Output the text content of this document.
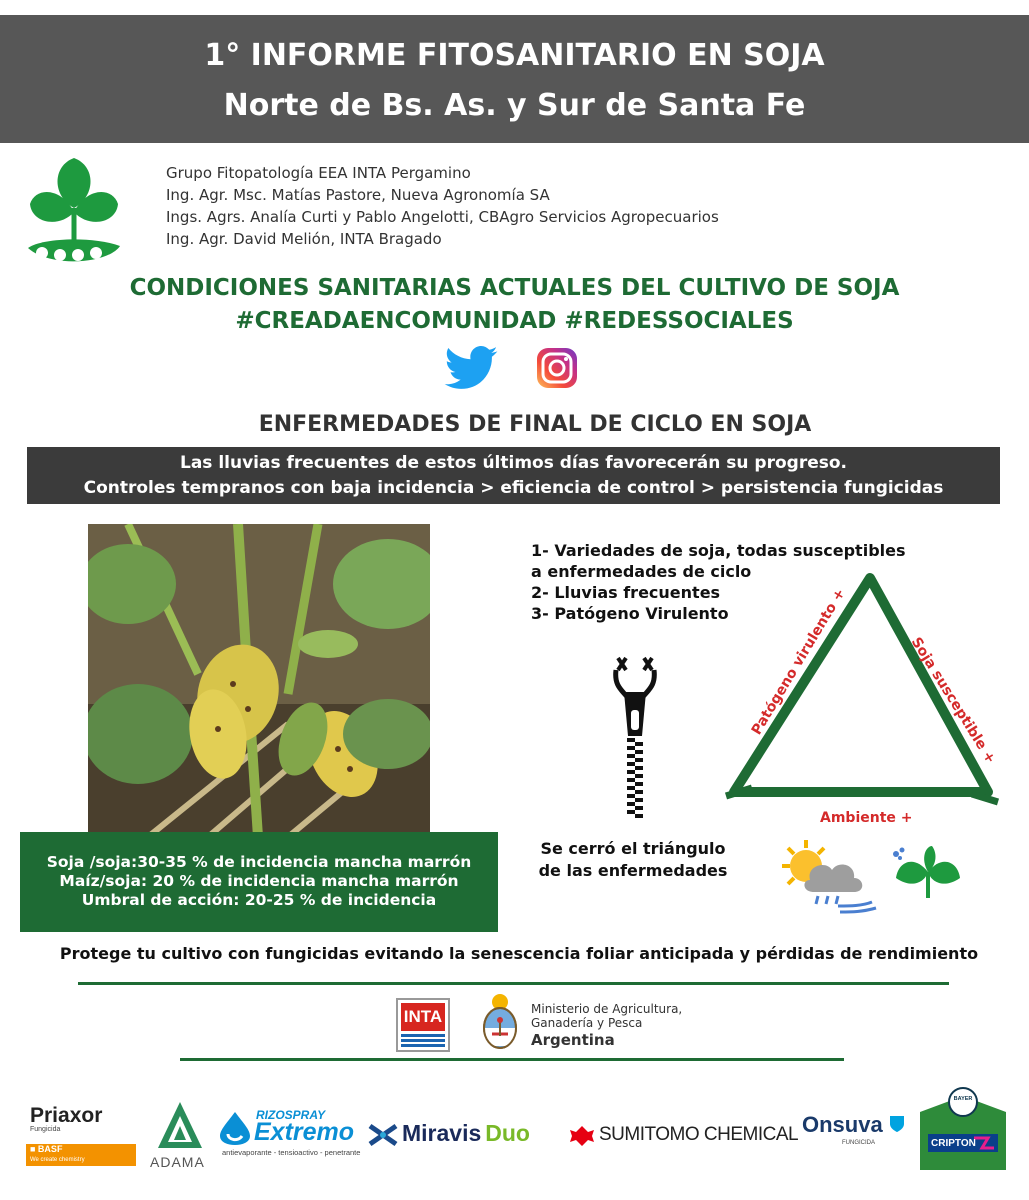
1° INFORME FITOSANITARIO EN SOJA
Norte de Bs. As. y Sur de Santa Fe
Grupo Fitopatología EEA INTA Pergamino
Ing. Agr. Msc. Matías Pastore, Nueva Agronomía SA
Ings. Agrs. Analía Curti y Pablo Angelotti, CBAgro Servicios Agropecuarios
Ing. Agr. David Melión, INTA Bragado
CONDICIONES SANITARIAS ACTUALES DEL CULTIVO DE SOJA
#CREADAENCOMUNIDAD #REDESSOCIALES
ENFERMEDADES DE FINAL DE CICLO EN SOJA
Las lluvias frecuentes de estos últimos días favorecerán su progreso.
Controles tempranos con baja incidencia > eficiencia de control > persistencia fungicidas
Soja /soja:30-35 % de incidencia mancha marrón
Maíz/soja: 20 % de incidencia mancha marrón
Umbral de acción: 20-25 % de incidencia
1- Variedades de soja, todas susceptibles
a enfermedades de ciclo
2- Lluvias frecuentes
3- Patógeno Virulento	Patógeno virulento +	Soja susceptible +
Ambiente +
Se cerró el triángulo
de las enfermedades
Protege tu cultivo con fungicidas evitando la senescencia foliar anticipada y pérdidas de rendimiento
INTA	Ministerio de Agricultura,
Ganadería y Pesca
Argentina
Priaxor
Fungicida
■ BASF
We create chemistry	ADAMA
RIZOSPRAY
Extremo
antievaporante - tensioactivo - penetrante
Miravis Duo	SUMITOMO CHEMICAL Onsuva
FUNGICIDA
BAYER
CRIPTON
